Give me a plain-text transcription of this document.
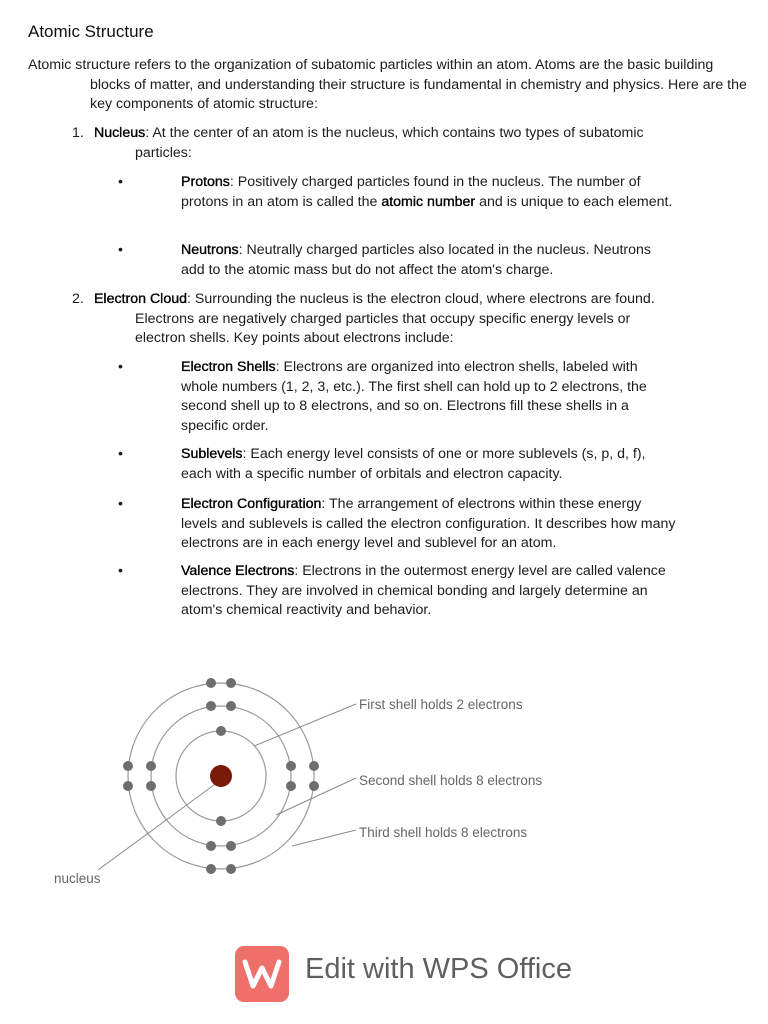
Atomic Structure
Atomic structure refers to the organization of subatomic particles within an atom. Atoms are the basic building blocks of matter, and understanding their structure is fundamental in chemistry and physics. Here are the key components of atomic structure:
1. Nucleus: At the center of an atom is the nucleus, which contains two types of subatomic particles:
•	Protons: Positively charged particles found in the nucleus. The number of protons in an atom is called the atomic number and is unique to each element.
•	Neutrons: Neutrally charged particles also located in the nucleus. Neutrons add to the atomic mass but do not affect the atom's charge.
2. Electron Cloud: Surrounding the nucleus is the electron cloud, where electrons are found. Electrons are negatively charged particles that occupy specific energy levels or electron shells. Key points about electrons include:
•	Electron Shells: Electrons are organized into electron shells, labeled with whole numbers (1, 2, 3, etc.). The first shell can hold up to 2 electrons, the second shell up to 8 electrons, and so on. Electrons fill these shells in a specific order.
•	Sublevels: Each energy level consists of one or more sublevels (s, p, d, f), each with a specific number of orbitals and electron capacity.
•	Electron Configuration: The arrangement of electrons within these energy levels and sublevels is called the electron configuration. It describes how many electrons are in each energy level and sublevel for an atom.
•	Valence Electrons: Electrons in the outermost energy level are called valence electrons. They are involved in chemical bonding and largely determine an atom's chemical reactivity and behavior.
First shell holds 2 electrons
Second shell holds 8 electrons
Third shell holds 8 electrons
nucleus
Edit with WPS Office
